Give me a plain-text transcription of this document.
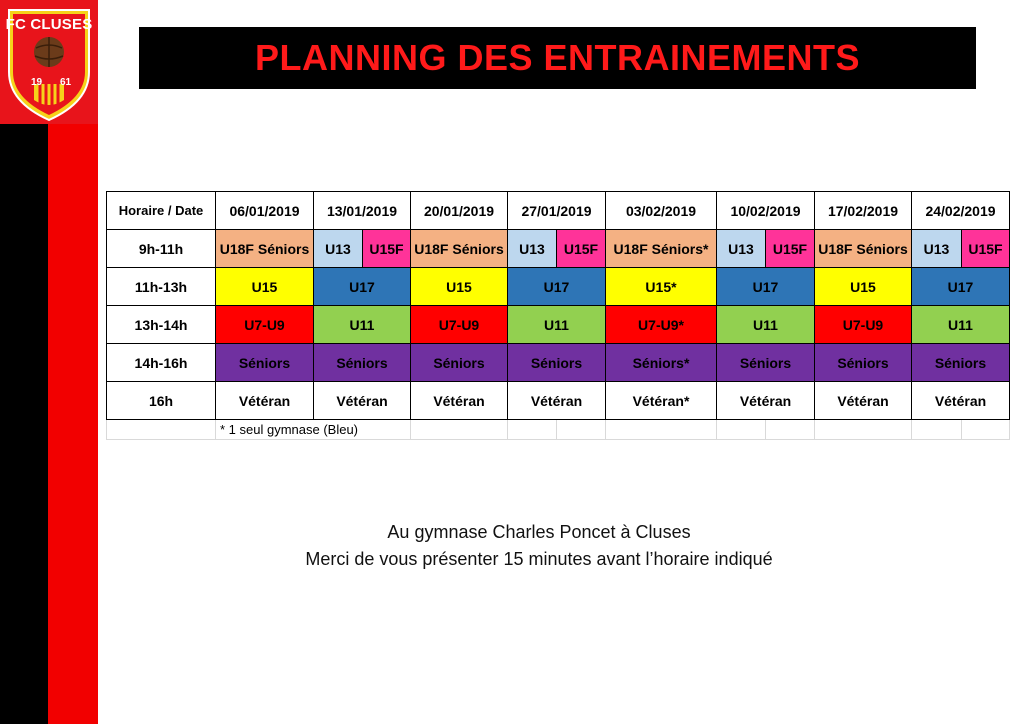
FC CLUSES
19 61
PLANNING DES ENTRAINEMENTS
Horaire / Date	06/01/2019	13/01/2019		20/01/2019	27/01/2019		03/02/2019	10/02/2019		17/02/2019	24/02/2019	
9h-11h	U18F Séniors	U13	U15F	U18F Séniors	U13	U15F	U18F Séniors*	U13	U15F	U18F Séniors	U13	U15F
11h-13h	U15	U17		U15	U17		U15*	U17		U15	U17	
13h-14h	U7-U9	U11		U7-U9	U11		U7-U9*	U11		U7-U9	U11	
14h-16h	Séniors	Séniors		Séniors	Séniors		Séniors*	Séniors		Séniors	Séniors	
16h	Vétéran	Vétéran		Vétéran	Vétéran		Vétéran*	Vétéran		Vétéran	Vétéran	
	* 1 seul gymnase (Bleu)											
Au gymnase Charles Poncet à Cluses
Merci de vous présenter 15 minutes avant l’horaire indiqué
